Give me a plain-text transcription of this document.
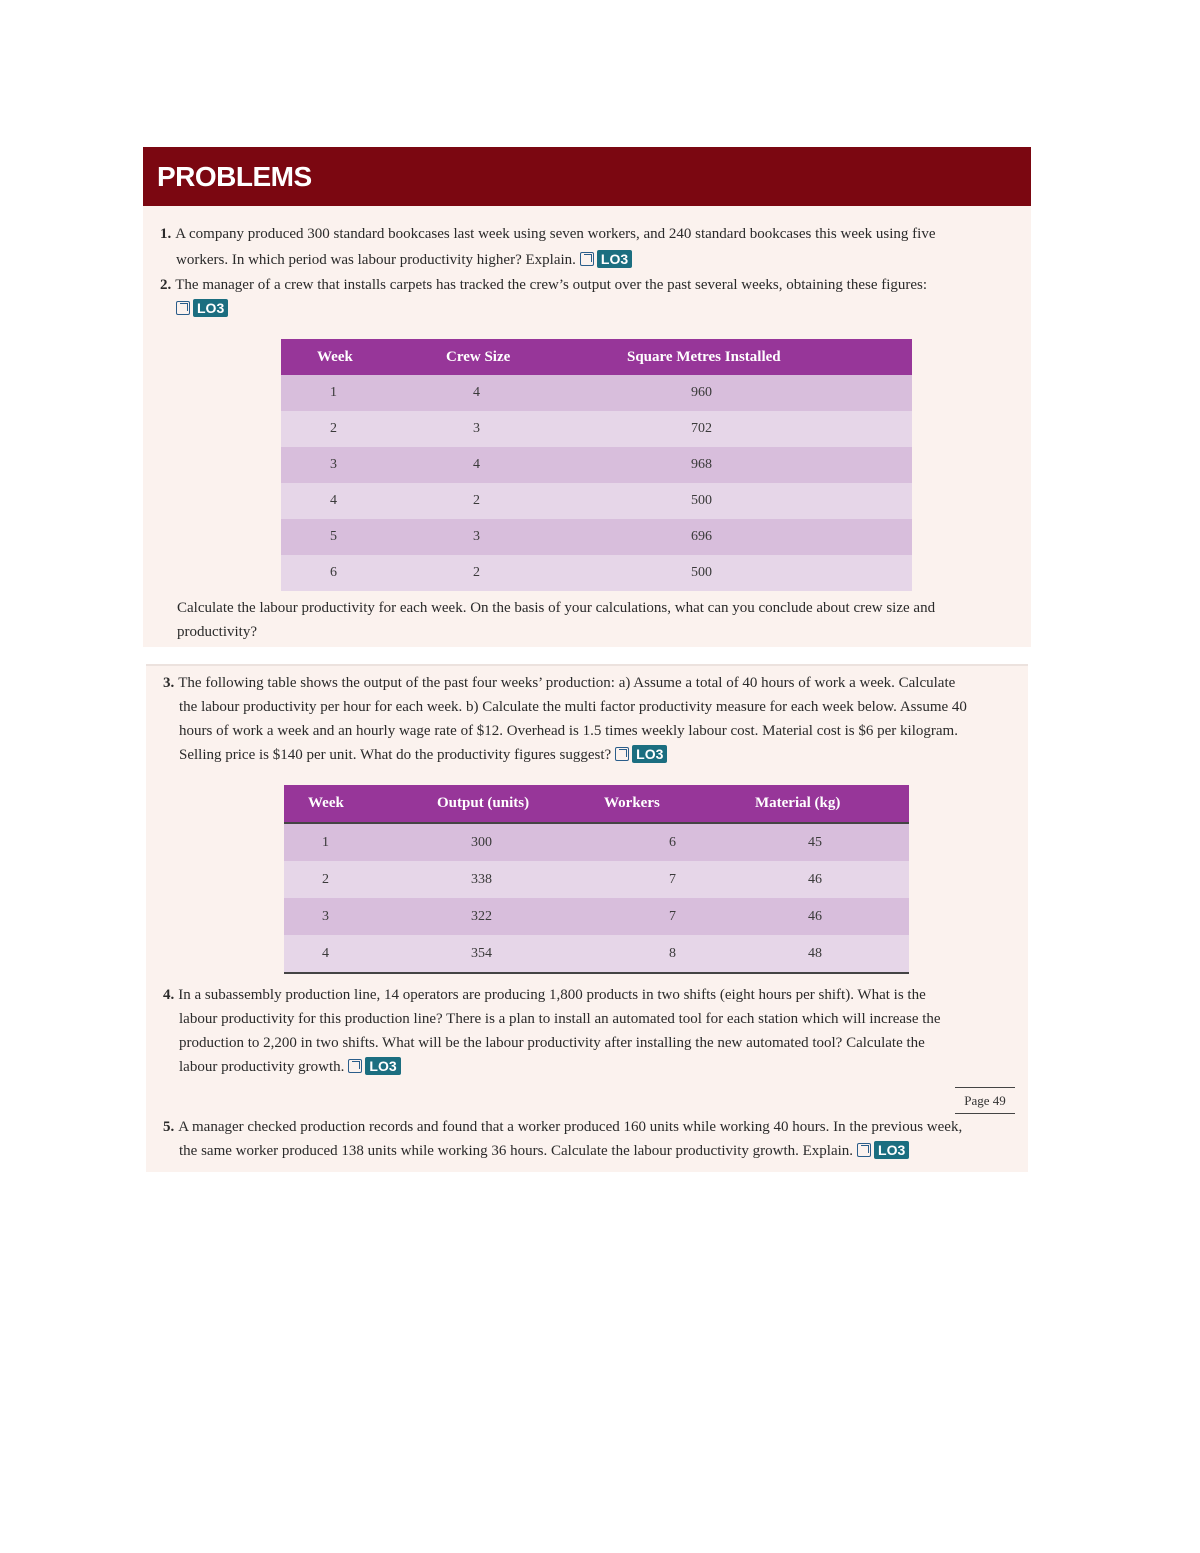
PROBLEMS
1. A company produced 300 standard bookcases last week using seven workers, and 240 standard bookcases this week using five
workers. In which period was labour productivity higher? Explain. LO3
2. The manager of a crew that installs carpets has tracked the crew’s output over the past several weeks, obtaining these figures:
LO3
Week	Crew Size	Square Metres Installed
1	4	960
2	3	702
3	4	968
4	2	500
5	3	696
6	2	500
Calculate the labour productivity for each week. On the basis of your calculations, what can you conclude about crew size and
productivity?
3. The following table shows the output of the past four weeks’ production: a) Assume a total of 40 hours of work a week. Calculate
the labour productivity per hour for each week. b) Calculate the multi factor productivity measure for each week below. Assume 40
hours of work a week and an hourly wage rate of $12. Overhead is 1.5 times weekly labour cost. Material cost is $6 per kilogram.
Selling price is $140 per unit. What do the productivity figures suggest? LO3
Week	Output (units)	Workers	Material (kg)
1	300	6	45
2	338	7	46
3	322	7	46
4	354	8	48
4. In a subassembly production line, 14 operators are producing 1,800 products in two shifts (eight hours per shift). What is the
labour productivity for this production line? There is a plan to install an automated tool for each station which will increase the
production to 2,200 in two shifts. What will be the labour productivity after installing the new automated tool? Calculate the
labour productivity growth. LO3
Page 49
5. A manager checked production records and found that a worker produced 160 units while working 40 hours. In the previous week,
the same worker produced 138 units while working 36 hours. Calculate the labour productivity growth. Explain. LO3
